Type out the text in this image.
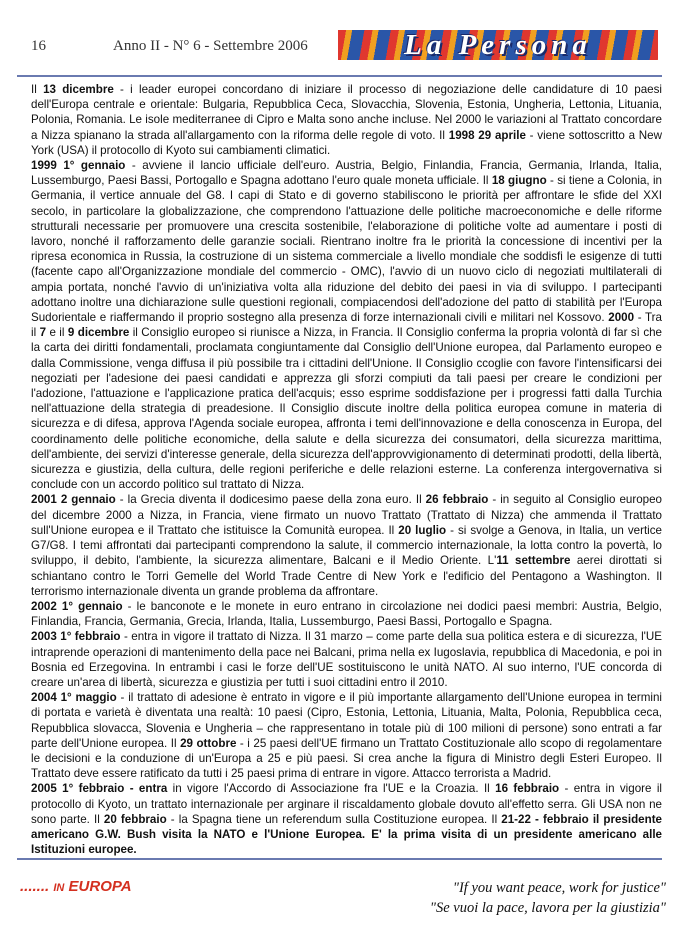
16	Anno II - N° 6 - Settembre 2006	La Persona

Il 13 dicembre - i leader europei concordano di iniziare il processo di negoziazione delle candidature di 10 paesi dell'Europa centrale e orientale: Bulgaria, Repubblica Ceca, Slovacchia, Slovenia, Estonia, Ungheria, Lettonia, Lituania, Polonia, Romania. Le isole mediterranee di Cipro e Malta sono anche incluse. Nel 2000 le variazioni al Trattato concordare a Nizza spianano la strada all'allargamento con la riforma delle regole di voto. Il 1998 29 aprile - viene sottoscritto a New York (USA) il protocollo di Kyoto sui cambiamenti climatici.

1999 1° gennaio - avviene il lancio ufficiale dell'euro. Austria, Belgio, Finlandia, Francia, Germania, Irlanda, Italia, Lussemburgo, Paesi Bassi, Portogallo e Spagna adottano l'euro quale moneta ufficiale. Il 18 giugno - si tiene a Colonia, in Germania, il vertice annuale del G8. I capi di Stato e di governo stabiliscono le priorità per affrontare le sfide del XXI secolo, in particolare la globalizzazione, che comprendono l'attuazione delle politiche macroeconomiche e delle riforme strutturali necessarie per promuovere una crescita sostenibile, l'elaborazione di politiche volte ad aumentare i posti di lavoro, nonché il rafforzamento delle garanzie sociali. Rientrano inoltre fra le priorità la concessione di incentivi per la ripresa economica in Russia, la costruzione di un sistema commerciale a livello mondiale che soddisfi le esigenze di tutti (facente capo all'Organizzazione mondiale del commercio - OMC), l'avvio di un nuovo ciclo di negoziati multilaterali di ampia portata, nonché l'avvio di un'iniziativa volta alla riduzione del debito dei paesi in via di sviluppo. I partecipanti adottano inoltre una dichiarazione sulle questioni regionali, compiacendosi dell'adozione del patto di stabilità per l'Europa Sudorientale e riaffermando il proprio sostegno alla presenza di forze internazionali civili e militari nel Kossovo. 2000 - Tra il 7 e il 9 dicembre il Consiglio europeo si riunisce a Nizza, in Francia. Il Consiglio conferma la propria volontà di far sì che la carta dei diritti fondamentali, proclamata congiuntamente dal Consiglio dell'Unione europea, dal Parlamento europeo e dalla Commissione, venga diffusa il più possibile tra i cittadini dell'Unione. Il Consiglio ccoglie con favore l'intensificarsi dei negoziati per l'adesione dei paesi candidati e apprezza gli sforzi compiuti da tali paesi per creare le condizioni per l'adozione, l'attuazione e l'applicazione pratica dell'acquis; esso esprime soddisfazione per i progressi fatti dalla Turchia nell'attuazione della strategia di preadesione. Il Consiglio discute inoltre della politica europea comune in materia di sicurezza e di difesa, approva l'Agenda sociale europea, affronta i temi dell'innovazione e della conoscenza in Europa, del coordinamento delle politiche economiche, della salute e della sicurezza dei consumatori, della sicurezza marittima, dell'ambiente, dei servizi d'interesse generale, della sicurezza dell'approvvigionamento di determinati prodotti, della libertà, sicurezza e giustizia, della cultura, delle regioni periferiche e delle relazioni esterne. La conferenza intergovernativa si conclude con un accordo politico sul trattato di Nizza.

2001 2 gennaio - la Grecia diventa il dodicesimo paese della zona euro. Il 26 febbraio - in seguito al Consiglio europeo del dicembre 2000 a Nizza, in Francia, viene firmato un nuovo Trattato (Trattato di Nizza) che ammenda il Trattato sull'Unione europea e il Trattato che istituisce la Comunità europea. Il 20 luglio - si svolge a Genova, in Italia, un vertice G7/G8. I temi affrontati dai partecipanti comprendono la salute, il commercio internazionale, la lotta contro la povertà, lo sviluppo, il debito, l'ambiente, la sicurezza alimentare, Balcani e il Medio Oriente. L'11 settembre aerei dirottati si schiantano contro le Torri Gemelle del World Trade Centre di New York e l'edificio del Pentagono a Washington. Il terrorismo internazionale diventa un grande problema da affrontare.

2002 1° gennaio - le banconote e le monete in euro entrano in circolazione nei dodici paesi membri: Austria, Belgio, Finlandia, Francia, Germania, Grecia, Irlanda, Italia, Lussemburgo, Paesi Bassi, Portogallo e Spagna.

2003 1° febbraio - entra in vigore il trattato di Nizza. Il 31 marzo – come parte della sua politica estera e di sicurezza, l'UE intraprende operazioni di mantenimento della pace nei Balcani, prima nella ex Iugoslavia, repubblica di Macedonia, e poi in Bosnia ed Erzegovina. In entrambi i casi le forze dell'UE sostituiscono le unità NATO. Al suo interno, l'UE concorda di creare un'area di libertà, sicurezza e giustizia per tutti i suoi cittadini entro il 2010.

2004 1° maggio - il trattato di adesione è entrato in vigore e il più importante allargamento dell'Unione europea in termini di portata e varietà è diventata una realtà: 10 paesi (Cipro, Estonia, Lettonia, Lituania, Malta, Polonia, Repubblica ceca, Repubblica slovacca, Slovenia e Ungheria – che rappresentano in totale più di 100 milioni di persone) sono entrati a far parte dell'Unione europea. Il 29 ottobre - i 25 paesi dell'UE firmano un Trattato Costituzionale allo scopo di regolamentare le decisioni e la conduzione di un'Europa a 25 e più paesi. Si crea anche la figura di Ministro degli Esteri Europeo. Il Trattato deve essere ratificato da tutti i 25 paesi prima di entrare in vigore. Attacco terrorista a Madrid.

2005 1° febbraio - entra in vigore l'Accordo di Associazione fra l'UE e la Croazia. Il 16 febbraio - entra in vigore il protocollo di Kyoto, un trattato internazionale per arginare il riscaldamento globale dovuto all'effetto serra. Gli USA non ne sono parte. Il 20 febbraio - la Spagna tiene un referendum sulla Costituzione europea. Il 21-22 - febbraio il presidente americano G.W. Bush visita la NATO e l'Unione Europea. E' la prima visita di un presidente americano alle Istituzioni europee.

....... IN EUROPA	"If you want peace, work for justice"
"Se vuoi la pace, lavora per la giustizia"
